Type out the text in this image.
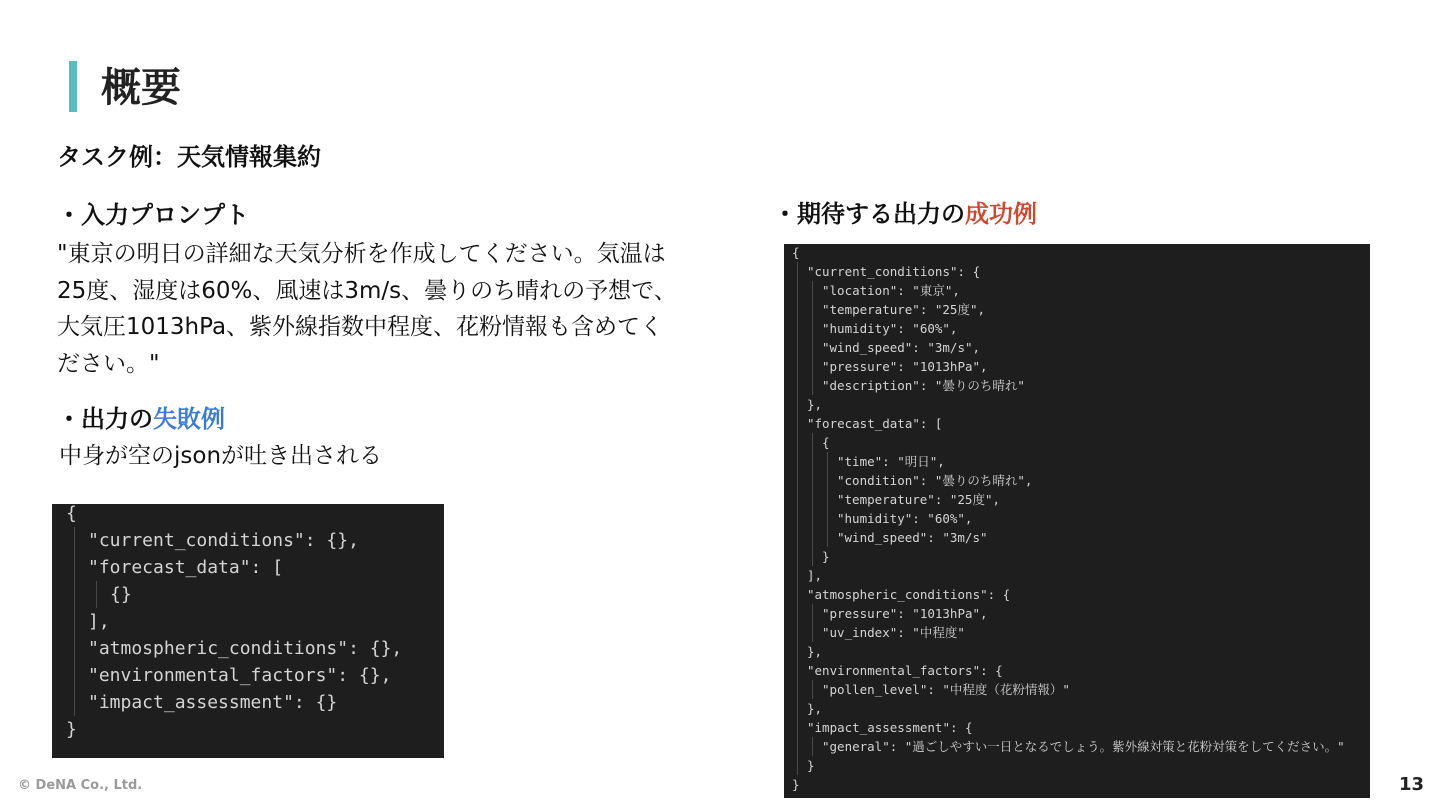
概要
タスク例：天気情報集約
・入力プロンプト
"東京の明日の詳細な天気分析を作成してください。気温は
25度、湿度は60%、風速は3m/s、曇りのち晴れの予想で、
大気圧1013hPa、紫外線指数中程度、花粉情報も含めてく
ださい。"
・出力の失敗例
中身が空のjsonが吐き出される
{
"current_conditions": {},
"forecast_data": [
{}
],
"atmospheric_conditions": {},
"environmental_factors": {},
"impact_assessment": {}
}
・期待する出力の成功例
{
"current_conditions": {
"location": "東京",
"temperature": "25度",
"humidity": "60%",
"wind_speed": "3m/s",
"pressure": "1013hPa",
"description": "曇りのち晴れ"
},
"forecast_data": [
{
"time": "明日",
"condition": "曇りのち晴れ",
"temperature": "25度",
"humidity": "60%",
"wind_speed": "3m/s"
}
],
"atmospheric_conditions": {
"pressure": "1013hPa",
"uv_index": "中程度"
},
"environmental_factors": {
"pollen_level": "中程度（花粉情報）"
},
"impact_assessment": {
"general": "過ごしやすい一日となるでしょう。紫外線対策と花粉対策をしてください。"
}
}
© DeNA Co., Ltd.	13
